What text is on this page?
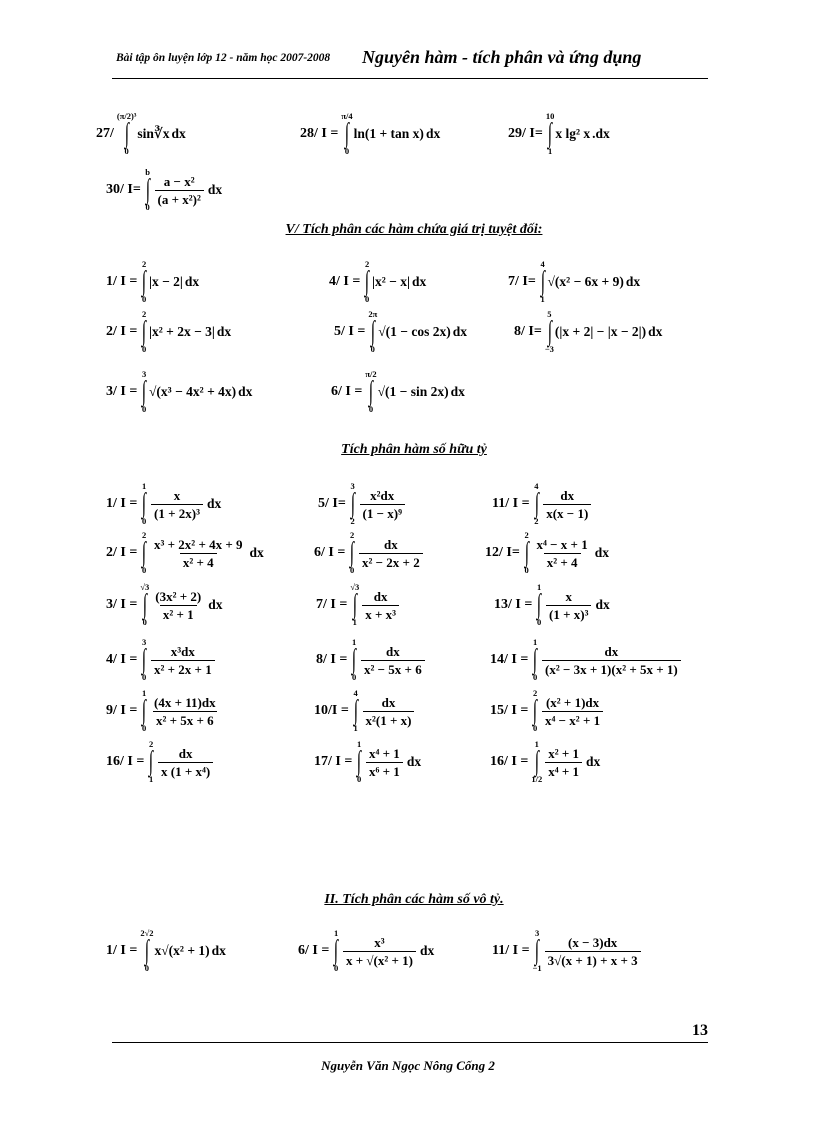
Bài tập ôn luyện lớp 12 - năm học 2007-2008 Nguyên hàm - tích phân và ứng dụng
V/ Tích phân các hàm chứa giá trị tuyệt đối:
Tích phân hàm số hữu tỷ
II. Tích phân các hàm số vô tỷ.
27/
(π/2)³
∫
0
sin∛x dx	28/ I =
π/4
∫
0
ln(1 + tan x) dx	29/ I=
10
∫
1
x lg² x .dx
30/ I=
b
∫
0
$\frac{\text{a − x²}}{\text{(a + x²)²}}$ dx
1/ I =
2
∫
0
|x − 2| dx	4/ I =
2
∫
0
|x² − x| dx	7/ I=
4
∫
1
√(x² − 6x + 9) dx
2/ I =
2
∫
0
|x² + 2x − 3| dx	5/ I =
2π
∫
0
√(1 − cos 2x) dx	8/ I=
5
∫
−3
(|x + 2| − |x − 2|) dx
3/ I =
3
∫
0
√(x³ − 4x² + 4x) dx	6/ I =
π/2
∫
0
√(1 − sin 2x) dx
1/ I =
1
∫
0
$\frac{x}{\text{(1 + 2x)³}}$ dx	5/ I=
3
∫
2
$\frac{\text{x²dx}}{\text{(1 − x)⁹}}$	11/ I =
4
∫
2
$\frac{dx}{x(x - 1)}$
2/ I =
2
∫
0
$\frac{\text{x³ + 2x² + 4x + 9}}{\text{x² + 4}}$ dx	6/ I =
2
∫
0
$\frac{dx}{\text{x² − 2x + 2}}$	12/ I=
2
∫
0
$\frac{\text{x⁴ − x + 1}}{\text{x² + 4}}$ dx
3/ I =
√3
∫
0
$\frac{\text{(3x² + 2)}}{\text{x² + 1}}$ dx	7/ I =
√3
∫
1
$\frac{dx}{\text{x + x³}}$	13/ I =
1
∫
0
$\frac{x}{\text{(1 + x)³}}$ dx
4/ I =
3
∫
0
$\frac{\text{x³dx}}{\text{x² + 2x + 1}}$	8/ I =
1
∫
0
$\frac{dx}{\text{x² − 5x + 6}}$	14/ I =
1
∫
0
$\frac{dx}{\text{(x² − 3x + 1)(x² + 5x + 1)}}$
9/ I =
1
∫
0
$\frac{(4x + 11)dx}{\text{x² + 5x + 6}}$	10/I =
4
∫
1
$\frac{dx}{\text{x²(1 + x)}}$	15/ I =
2
∫
0
$\frac{\text{(x² + 1)dx}}{\text{x⁴ − x² + 1}}$
16/ I =
2
∫
1
$\frac{dx}{\text{x (1 + x⁴)}}$	17/ I =
1
∫
0
$\frac{\text{x⁴ + 1}}{\text{x⁶ + 1}}$ dx	16/ I =
1
∫
1/2
$\frac{\text{x² + 1}}{\text{x⁴ + 1}}$ dx
1/ I =
2√2
∫
0
x√(x² + 1) dx	6/ I =
1
∫
0
$\frac{\text{x³}}{\text{x + √(x² + 1)}}$ dx	11/ I =
3
∫
−1
$\frac{(x - 3)dx}{3√(x + 1) + x + 3}$
13
Nguyễn Văn Ngọc Nông Cống 2
